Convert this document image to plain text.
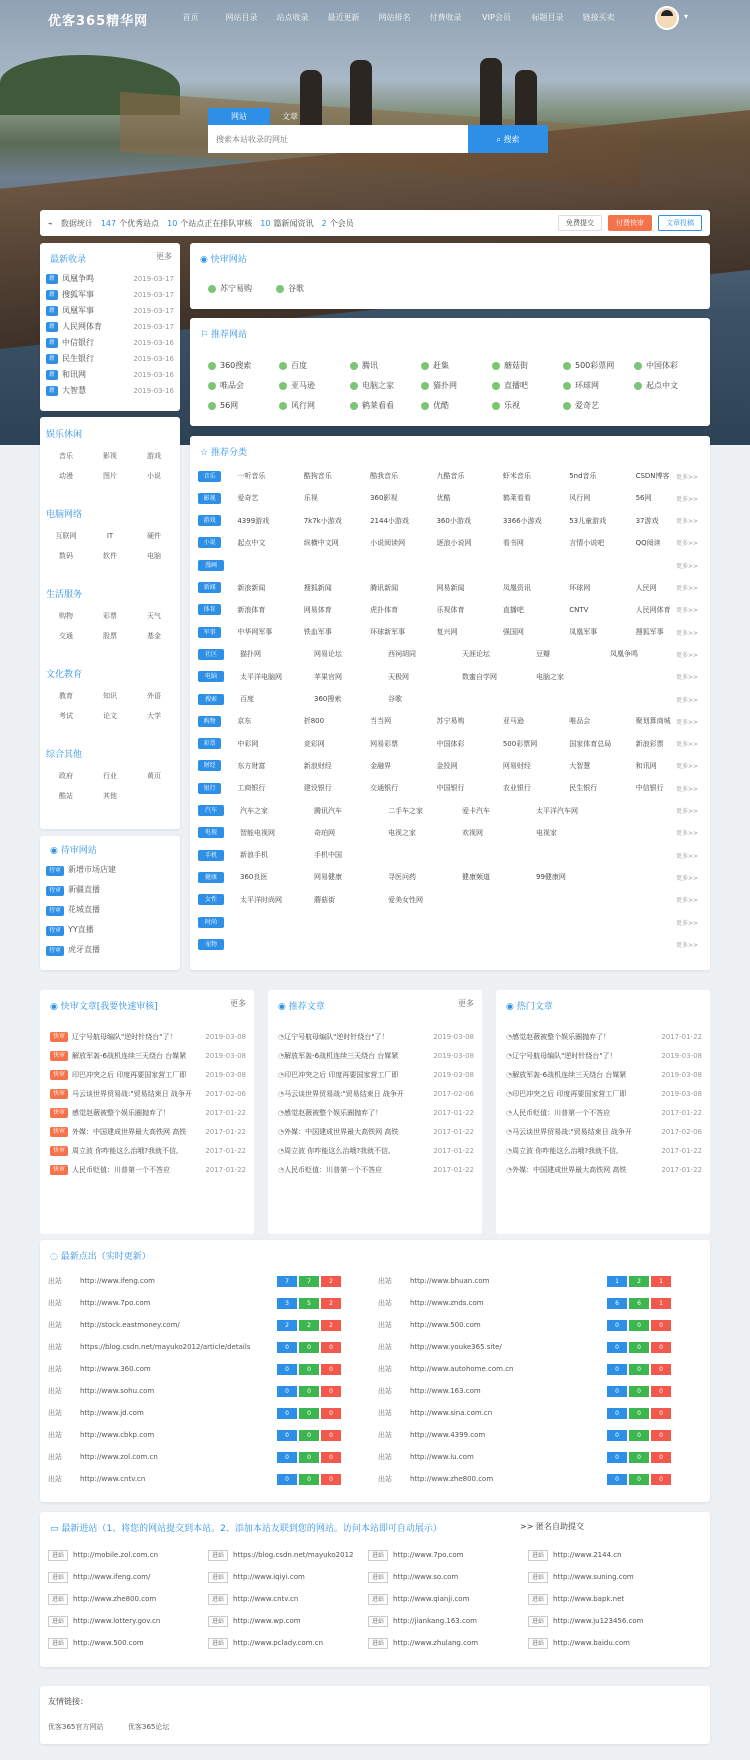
优客365精华网	首页	网站目录	站点收录	最近更新	网站排名	付费收录	VIP会员	标题目录	链接买卖	▾
网站	文章
搜索本站收录的网址
⌕ 搜索
⌁ 数据统计 147 个优秀站点 10 个站点正在排队审核 10 篇新闻资讯 2 个会员	免费提交	付费快审	文章投稿
最新收录	更多
新 凤凰争鸣	2019-03-17
新 搜狐军事	2019-03-17
新 凤凰军事	2019-03-17
新 人民网体育	2019-03-17
新 中信银行	2019-03-16
新 民生银行	2019-03-16
新 和讯网	2019-03-16
新 大智慧	2019-03-16
娱乐休闲
音乐	影视	游戏
动漫	图片	小说
电脑网络
互联网	IT	硬件
数码	软件	电脑
生活服务
购物	彩票	天气
交通	股票	基金
文化教育
教育	知识	外语
考试	论文	大学
综合其他
政府	行业	黄页
酷站	其他
◉ 待审网站
待审 新增市场店建
待审 新疆直播
待审 花城直播
待审 YY直播
待审 虎牙直播
◉ 快审网站
苏宁易购	谷歌
⚐ 推荐网站
360搜索	百度	腾讯	赶集	蘑菇街	500彩票网	中国体彩
唯品会	亚马逊	电脑之家	猫扑网	直播吧	环球网	起点中文
56网	风行网	鹤莱看看	优酷	乐视	爱奇艺
☆ 推荐分类
音乐	一听音乐	酷狗音乐	酷我音乐	九酷音乐	虾米音乐	5nd音乐	CSDN博客	更多>>
影视	爱奇艺	乐视	360影视	优酷	鹤莱看看	风行网	56网	更多>>
游戏	4399游戏	7k7k小游戏	2144小游戏	360小游戏	3366小游戏	53儿童游戏	37游戏	更多>>
小说	起点中文	纵横中文网	小说阅读网	逐浪小说网	看书网	言情小说吧	QQ阅读	更多>>
漫画	更多>>
新闻	新浪新闻	搜狐新闻	腾讯新闻	网易新闻	凤凰资讯	环球网	人民网	更多>>
体育	新浪体育	网易体育	虎扑体育	乐视体育	直播吧	CNTV	人民网体育 更多>>
军事	中华网军事	铁血军事	环球新军事	复兴网	强国网	凤凰军事	搜狐军事	更多>>
社区	猫扑网	网易论坛	西祠胡同	天涯论坛	豆瓣	凤凰争鸣	更多>>
电脑	太平洋电脑网	苹果官网	天极网	数蜜自学网	电脑之家	更多>>
搜索	百度	360搜索	谷歌	更多>>
购物	京东	折800	当当网	苏宁易购	亚马逊	唯品会	聚划算商城 更多>>
彩票	中彩网	竞彩网	网易彩票	中国体彩	500彩票网	国家体育总局	新浪彩票	更多>>
财经	东方财富	新浪财经	金融界	金投网	网易财经	大智慧	和讯网	更多>>
银行	工商银行	建设银行	交通银行	中国银行	农业银行	民生银行	中信银行	更多>>
汽车	汽车之家	腾讯汽车	二手车之家	爱卡汽车	太平洋汽车网	更多>>
电视	智能电视网	奇珀网	电视之家	欢视网	电视家	更多>>
手机	新浪手机	手机中国	更多>>
健康	360良医	网易健康	寻医问药	健康频道	99健康网	更多>>
女性	太平洋时尚网	蘑菇街	爱美女性网	更多>>
时尚	更多>>
宠物	更多>>
◉ 快审文章[我要快速审核]	更多
快审	辽宁号航母编队"逆时针绕台"了！	2019-03-08
快审	解放军轰-6战机连续三天绕台 台媒紧	2019-03-08
快审	印巴冲突之后 印度再要国家营工厂即	2019-03-08
快审	马云谈世界贸易战:"贸易结束日 战争开	2017-02-06
快审	感觉赵薇被整个娱乐圈抛弃了！	2017-01-22
快审	外媒：中国建成世界最大高铁网 高铁	2017-01-22
快审	周立波 你咋能这么治哦?我就不信,	2017-01-22
快审	人民币贬值：川普第一个不答应	2017-01-22
◉ 推荐文章	更多
◔ 辽宁号航母编队"逆时针绕台"了！	2019-03-08
◔ 解放军轰-6战机连续三天绕台 台媒紧	2019-03-08
◔ 印巴冲突之后 印度再要国家营工厂即	2019-03-08
◔ 马云谈世界贸易战:"贸易结束日 战争开	2017-02-06
◔ 感觉赵薇被整个娱乐圈抛弃了！	2017-01-22
◔ 外媒：中国建成世界最大高铁网 高铁	2017-01-22
◔ 周立波 你咋能这么治哦?我就不信,	2017-01-22
◔ 人民币贬值：川普第一个不答应	2017-01-22
◉ 热门文章
◔ 感觉赵薇被整个娱乐圈抛弃了！	2017-01-22
◔ 辽宁号航母编队"逆时针绕台"了！	2019-03-08
◔ 解放军轰-6战机连续三天绕台 台媒紧	2019-03-08
◔ 印巴冲突之后 印度再要国家营工厂即	2019-03-08
◔ 人民币贬值：川普第一个不答应	2017-01-22
◔ 马云谈世界贸易战:"贸易结束日 战争开	2017-02-06
◔ 周立波 你咋能这么治哦?我就不信,	2017-01-22
◔ 外媒：中国建成世界最大高铁网 高铁	2017-01-22
◌ 最新点出（实时更新）
出站	http://www.ifeng.com	7	7	2	出站	http://www.bhuan.com	1	2	1
出站	http://www.7po.com	3	5	2	出站	http://www.znds.com	6	6	1
出站	http://stock.eastmoney.com/	2	2	2	出站	http://www.500.com	0	0	0
出站	https://blog.csdn.net/mayuko2012/article/details	0	0	0	出站	http://www.youke365.site/	0	0	0
出站	http://www.360.com	0	0	0	出站	http://www.autohome.com.cn	0	0	0
出站	http://www.sohu.com	0	0	0	出站	http://www.163.com	0	0	0
出站	http://www.jd.com	0	0	0	出站	http://www.sina.com.cn	0	0	0
出站	http://www.cbkp.com	0	0	0	出站	http://www.4399.com	0	0	0
出站	http://www.zol.com.cn	0	0	0	出站	http://www.lu.com	0	0	0
出站	http://www.cntv.cn	0	0	0	出站	http://www.zhe800.com	0	0	0
▭ 最新进站（1、将您的网站提交到本站。2、添加本站友联到您的网站。访问本站即可自动展示）	>> 匿名自助提交
进站	http://mobile.zol.com.cn	进站	https://blog.csdn.net/mayuko2012	进站	http://www.7po.com	进站	http://www.2144.cn
进站	http://www.ifeng.com/	进站	http://www.iqiyi.com	进站	http://www.so.com	进站	http://www.suning.com
进站	http://www.zhe800.com	进站	http://www.cntv.cn	进站	http://www.qianji.com	进站	http://www.bapk.net
进站	http://www.lottery.gov.cn	进站	http://www.wp.com	进站	http://jiankang.163.com	进站	http://www.ju123456.com
进站	http://www.500.com	进站	http://www.pclady.com.cn	进站	http://www.zhulang.com	进站	http://www.baidu.com
友情链接：
优客365官方网站	优客365论坛
